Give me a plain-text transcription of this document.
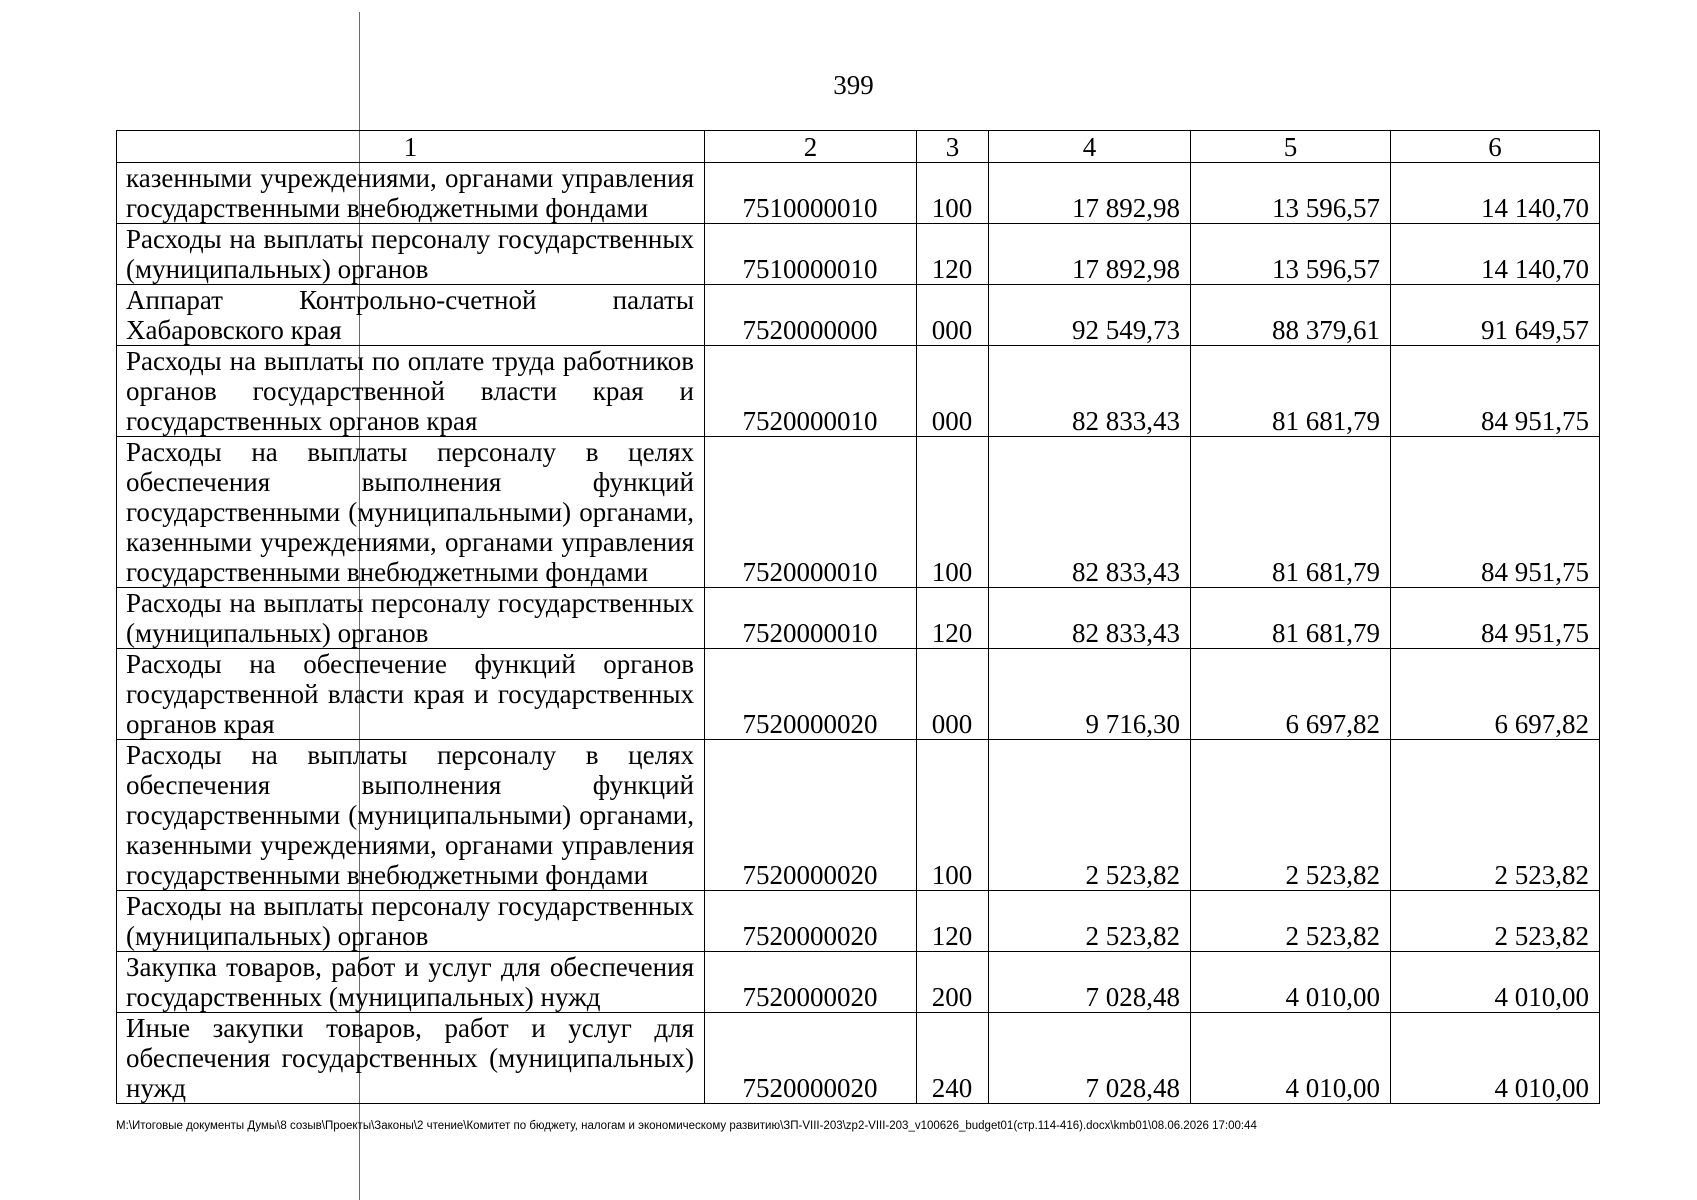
399
1	2	3	4	5	6
казенными учреждениями, органами управления государственными внебюджетными фондами	7510000010	100	17 892,98	13 596,57	14 140,70
Расходы на выплаты персоналу государственных (муниципальных) органов	7510000010	120	17 892,98	13 596,57	14 140,70
Аппарат Контрольно-счетной палаты Хабаровского края	7520000000	000	92 549,73	88 379,61	91 649,57
Расходы на выплаты по оплате труда работников органов государственной власти края и государственных органов края	7520000010	000	82 833,43	81 681,79	84 951,75
Расходы на выплаты персоналу в целях обеспечения выполнения функций государственными (муниципальными) органами, казенными учреждениями, органами управления государственными внебюджетными фондами	7520000010	100	82 833,43	81 681,79	84 951,75
Расходы на выплаты персоналу государственных (муниципальных) органов	7520000010	120	82 833,43	81 681,79	84 951,75
Расходы на обеспечение функций органов государственной власти края и государственных органов края	7520000020	000	9 716,30	6 697,82	6 697,82
Расходы на выплаты персоналу в целях обеспечения выполнения функций государственными (муниципальными) органами, казенными учреждениями, органами управления государственными внебюджетными фондами	7520000020	100	2 523,82	2 523,82	2 523,82
Расходы на выплаты персоналу государственных (муниципальных) органов	7520000020	120	2 523,82	2 523,82	2 523,82
Закупка товаров, работ и услуг для обеспечения государственных (муниципальных) нужд	7520000020	200	7 028,48	4 010,00	4 010,00
Иные закупки товаров, работ и услуг для обеспечения государственных (муниципальных) нужд	7520000020	240	7 028,48	4 010,00	4 010,00
M:\Итоговые документы Думы\8 созыв\Проекты\Законы\2 чтение\Комитет по бюджету, налогам и экономическому развитию\ЗП-VIII-203\zp2-VIII-203_v100626_budget01(стр.114-416).docx\kmb01\08.06.2026 17:00:44
